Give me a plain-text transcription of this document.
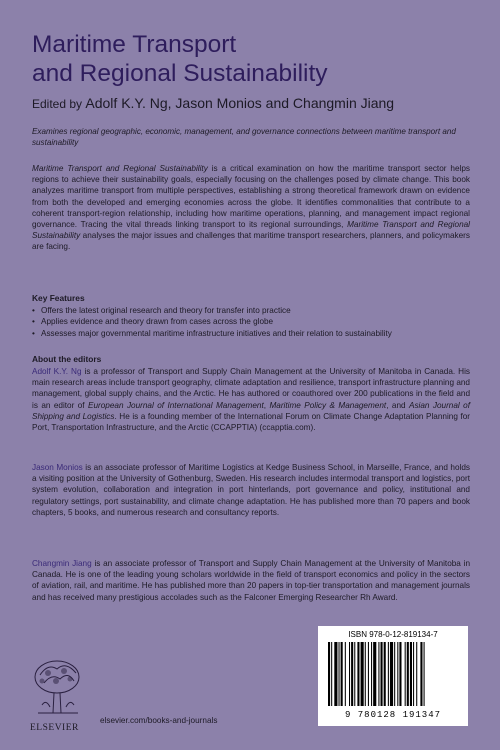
Maritime Transport
and Regional Sustainability
Edited by Adolf K.Y. Ng, Jason Monios and Changmin Jiang
Examines regional geographic, economic, management, and governance connections between maritime transport and sustainability
Maritime Transport and Regional Sustainability is a critical examination on how the maritime transport sector helps regions to achieve their sustainability goals, especially focusing on the challenges posed by climate change. This book analyzes maritime transport from multiple perspectives, establishing a strong theoretical framework drawn on evidence from both the developed and emerging economies across the globe. It identifies commonalities that contribute to a coherent transport-region relationship, including how maritime operations, planning, and management impact regional governance. Tracing the vital threads linking transport to its regional surroundings, Maritime Transport and Regional Sustainability analyses the major issues and challenges that maritime transport researchers, planners, and policymakers are facing.
Key Features
• Offers the latest original research and theory for transfer into practice
• Applies evidence and theory drawn from cases across the globe
• Assesses major governmental maritime infrastructure initiatives and their relation to sustainability
About the editors

Adolf K.Y. Ng is a professor of Transport and Supply Chain Management at the University of Manitoba in Canada. His main research areas include transport geography, climate adaptation and resilience, transport infrastructure planning and management, global supply chains, and the Arctic. He has authored or coauthored over 200 publications in the field and is an editor of European Journal of International Management, Maritime Policy & Management, and Asian Journal of Shipping and Logistics. He is a founding member of the International Forum on Climate Change Adaptation Planning for Port, Transportation Infrastructure, and the Arctic (CCAPPTIA) (ccapptia.com).

Jason Monios is an associate professor of Maritime Logistics at Kedge Business School, in Marseille, France, and holds a visiting position at the University of Gothenburg, Sweden. His research includes intermodal transport and logistics, port system evolution, collaboration and integration in port hinterlands, port governance and policy, institutional and regulatory settings, port sustainability, and climate change adaptation. He has published more than 70 papers and book chapters, 5 books, and numerous research and consultancy reports.

Changmin Jiang is an associate professor of Transport and Supply Chain Management at the University of Manitoba in Canada. He is one of the leading young scholars worldwide in the field of transport economics and policy in the sectors of aviation, rail, and maritime. He has published more than 20 papers in top-tier transportation and management journals and has received many prestigious accolades such as the Falconer Emerging Researcher Rh Award.

ELSEVIER
elsevier.com/books-and-journals
ISBN 978-0-12-819134-7
9 780128 191347
